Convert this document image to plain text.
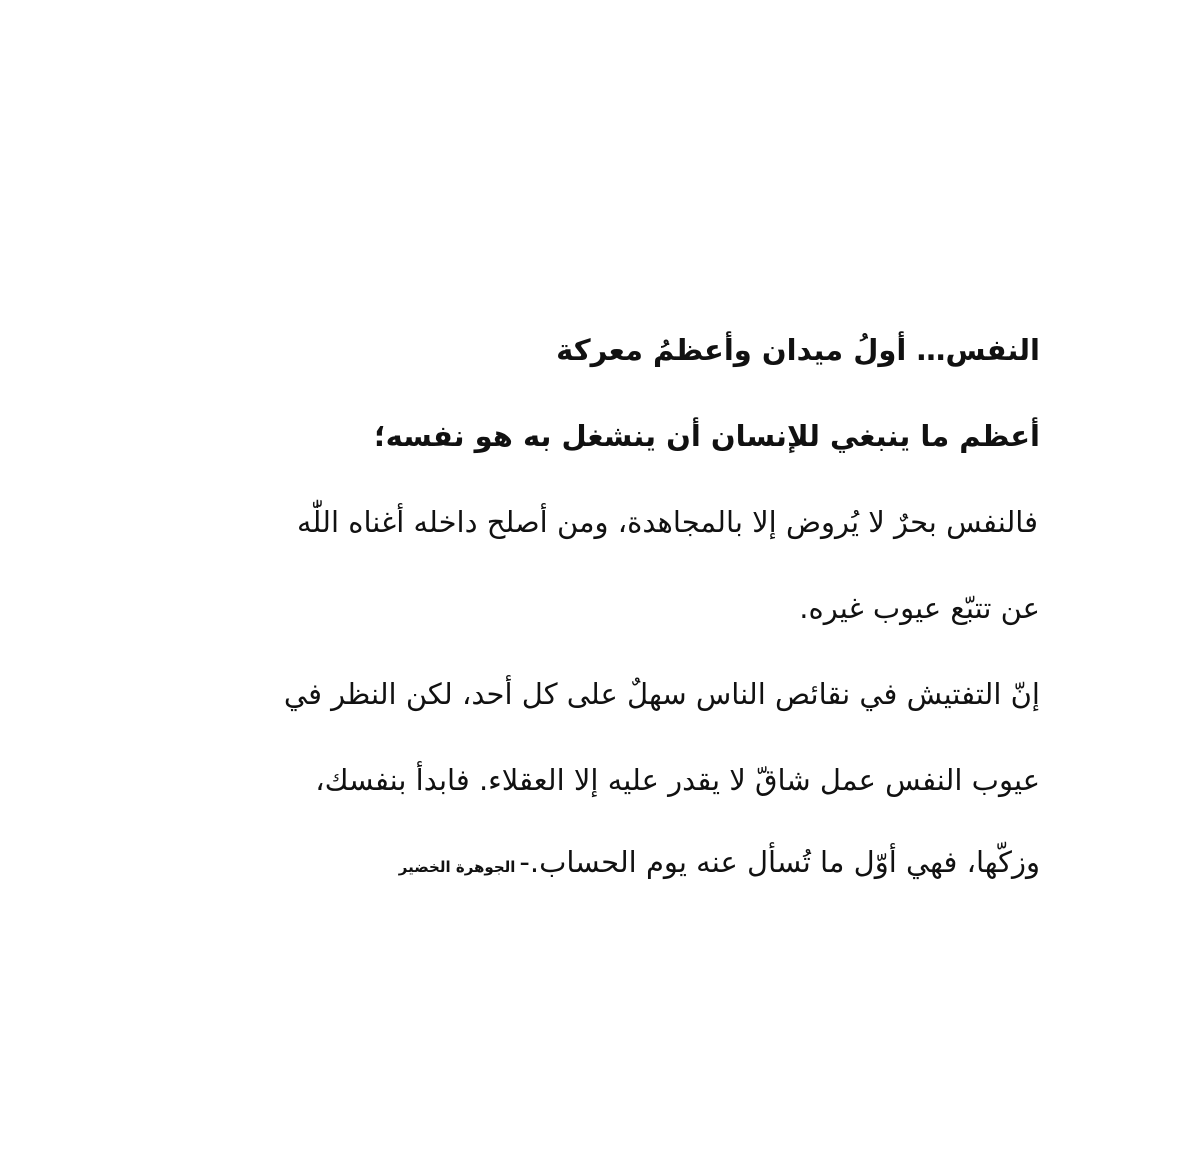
النفس… أولُ ميدان وأعظمُ معركة
أعظم ما ينبغي للإنسان أن ينشغل به هو نفسه؛
فالنفس بحرٌ لا يُروض إلا بالمجاهدة، ومن أصلح داخله أغناه اللّٰه
عن تتبّع عيوب غيره.
إنّ التفتيش في نقائص الناس سهلٌ على كل أحد، لكن النظر في
عيوب النفس عمل شاقّ لا يقدر عليه إلا العقلاء. فابدأ بنفسك،
وزكّها، فهي أوّل ما تُسأل عنه يوم الحساب.-الجوهرة الخضير
